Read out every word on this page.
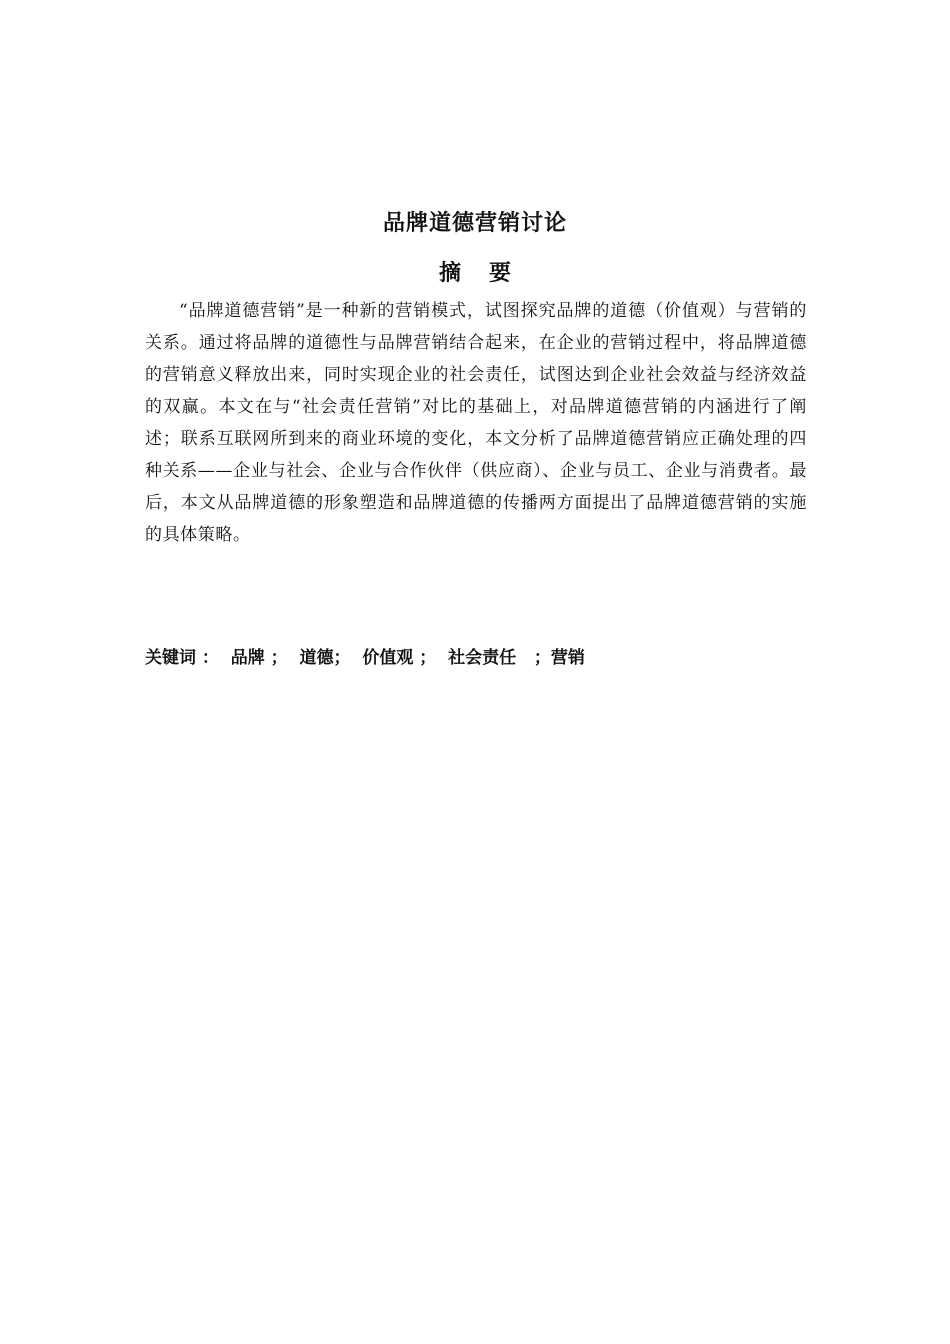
品牌道德营销讨论
摘要

“品牌道德营销”是一种新的营销模式，试图探究品牌的道德（价值观）与营销的关系。通过将品牌的道德性与品牌营销结合起来，在企业的营销过程中，将品牌道德的营销意义释放出来，同时实现企业的社会责任，试图达到企业社会效益与经济效益的双赢。本文在与“社会责任营销”对比的基础上，对品牌道德营销的内涵进行了阐述；联系互联网所到来的商业环境的变化，本文分析了品牌道德营销应正确处理的四种关系——企业与社会、企业与合作伙伴（供应商）、企业与员工、企业与消费者。最后，本文从品牌道德的形象塑造和品牌道德的传播两方面提出了品牌道德营销的实施的具体策略。

关键词 ：  品牌 ；  道德；  价值观 ；  社会责任   ；营销
